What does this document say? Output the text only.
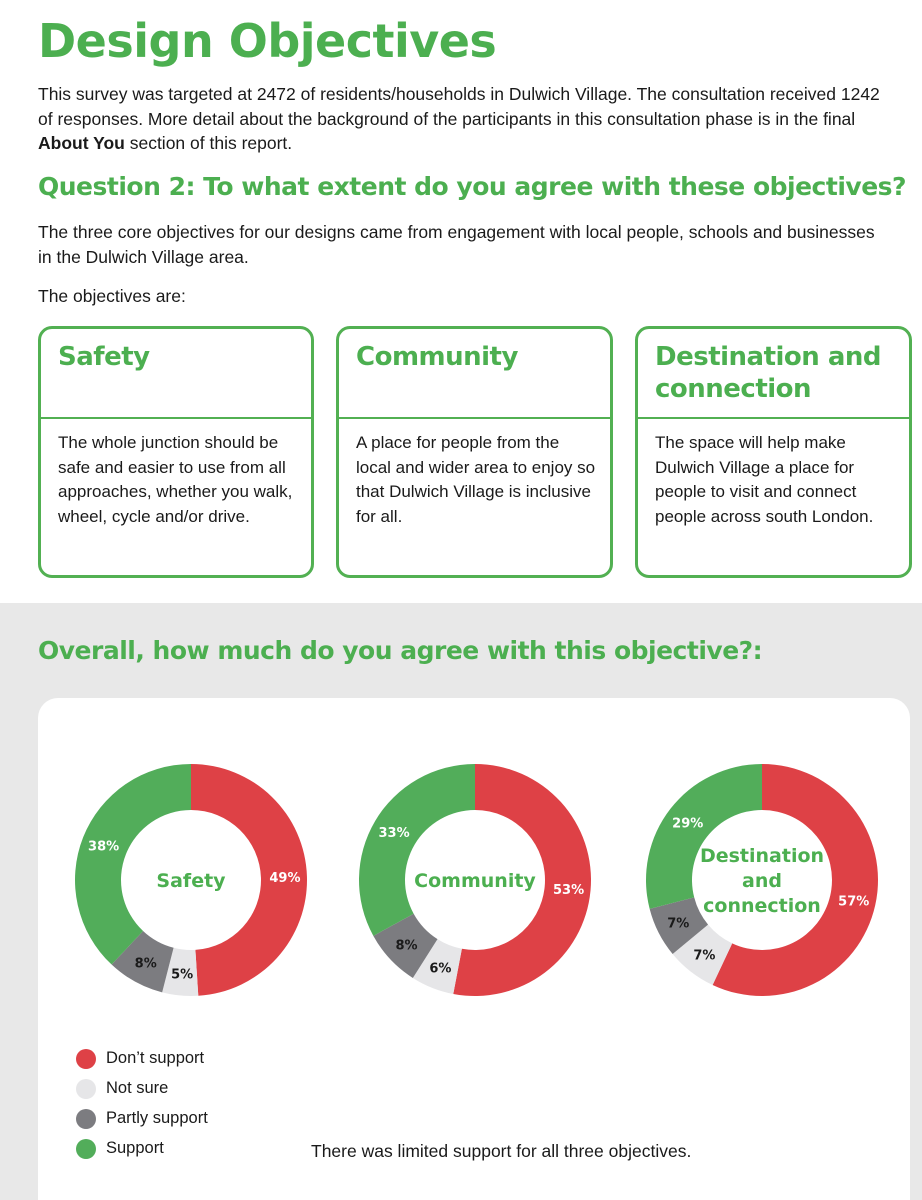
Design Objectives

This survey was targeted at 2472 of residents/households in Dulwich Village. The consultation received 1242 of responses. More detail about the background of the participants in this consultation phase is in the final About You section of this report.

Question 2: To what extent do you agree with these objectives?

The three core objectives for our designs came from engagement with local people, schools and businesses in the Dulwich Village area.

The objectives are:

Safety
The whole junction should be safe and easier to use from all approaches, whether you walk, wheel, cycle and/or drive.
Community
A place for people from the local and wider area to enjoy so that Dulwich Village is inclusive for all.
Destination and connection
The space will help make Dulwich Village a place for people to visit and connect people across south London.
Overall, how much do you agree with this objective?:
49%
5%
8%
38%
Safety	53%
6%
8%
33%
Community
57%
7%
7%
29%
Destination and connection
Don’t support
Not sure
Partly support
Support	There was limited support for all three objectives.
